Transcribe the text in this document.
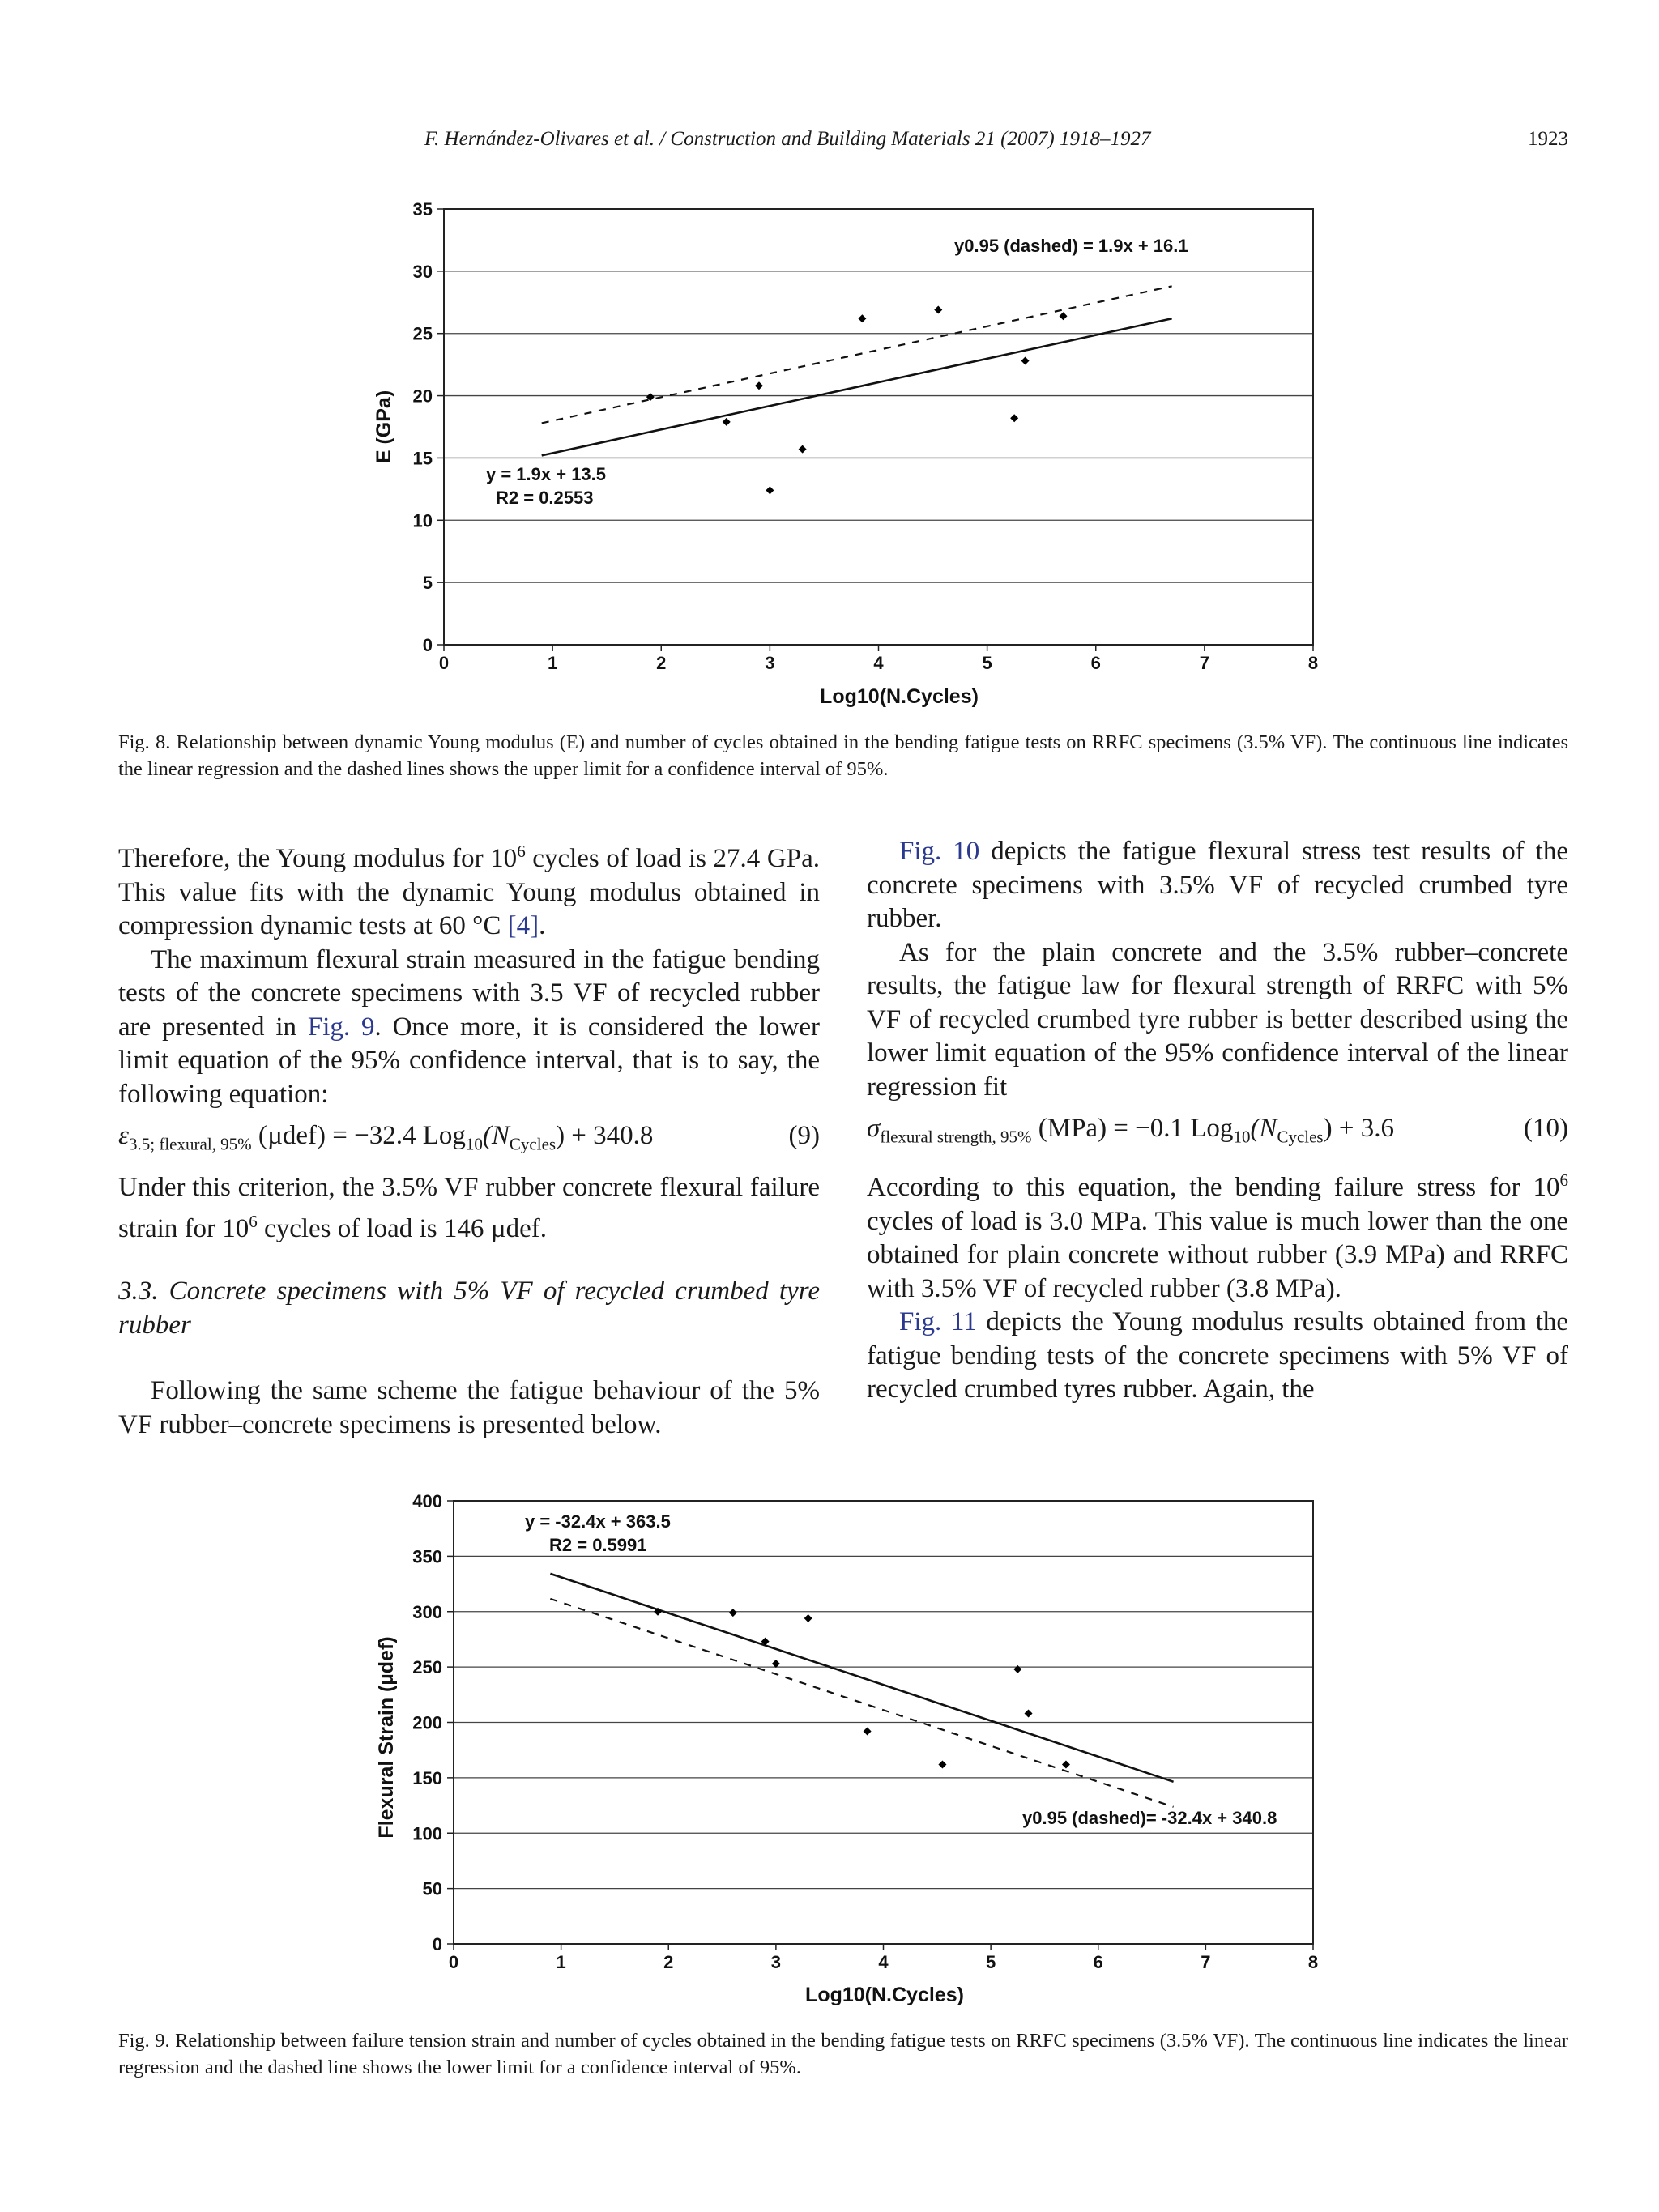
F. Hernández-Olivares et al. / Construction and Building Materials 21 (2007) 1918–1927	1923
0
5
10
15
20
25
30
35
0	1	2	3	4	5	6	7	8
Log10(N.Cycles)
E (GPa)
y = 1.9x + 13.5
R2 = 0.2553
y0.95 (dashed) = 1.9x + 16.1
Fig. 8. Relationship between dynamic Young modulus (E) and number of cycles obtained in the bending fatigue tests on RRFC specimens (3.5% VF). The continuous line indicates the linear regression and the dashed lines shows the upper limit for a confidence interval of 95%.

Therefore, the Young modulus for $10^6$ cycles of load is 27.4 GPa. This value fits with the dynamic Young modulus obtained in compression dynamic tests at 60 °C [4].

The maximum flexural strain measured in the fatigue bending tests of the concrete specimens with 3.5 VF of recycled rubber are presented in Fig. 9. Once more, it is considered the lower limit equation of the 95% confidence interval, that is to say, the following equation:

$\varepsilon_{3.5; flexural, 95\%}$ (µdef) = −32.4 $Log_{10}(N_{Cycles}) + 340.8$	(9)

Under this criterion, the 3.5% VF rubber concrete flexural failure strain for $10^6$ cycles of load is 146 µdef.

3.3. Concrete specimens with 5% VF of recycled crumbed tyre rubber

Following the same scheme the fatigue behaviour of the 5% VF rubber–concrete specimens is presented below.

Fig. 10 depicts the fatigue flexural stress test results of the concrete specimens with 3.5% VF of recycled crumbed tyre rubber.

As for the plain concrete and the 3.5% rubber–concrete results, the fatigue law for flexural strength of RRFC with 5% VF of recycled crumbed tyre rubber is better described using the lower limit equation of the 95% confidence interval of the linear regression fit

$\sigma_{flexural strength, 95\%}$ (MPa) = −0.1 $Log_{10}(N_{Cycles}) + 3.6$	(10)

According to this equation, the bending failure stress for $10^6$ cycles of load is 3.0 MPa. This value is much lower than the one obtained for plain concrete without rubber (3.9 MPa) and RRFC with 3.5% VF of recycled rubber (3.8 MPa).

Fig. 11 depicts the Young modulus results obtained from the fatigue bending tests of the concrete specimens with 5% VF of recycled crumbed tyres rubber. Again, the

0
50
100
150
200
250
300
350
400
0	1	2	3	4	5	6	7	8
Log10(N.Cycles)
Flexural Strain (µdef)
y = -32.4x + 363.5
R2 = 0.5991
y0.95 (dashed)= -32.4x + 340.8
Fig. 9. Relationship between failure tension strain and number of cycles obtained in the bending fatigue tests on RRFC specimens (3.5% VF). The continuous line indicates the linear regression and the dashed line shows the lower limit for a confidence interval of 95%.
